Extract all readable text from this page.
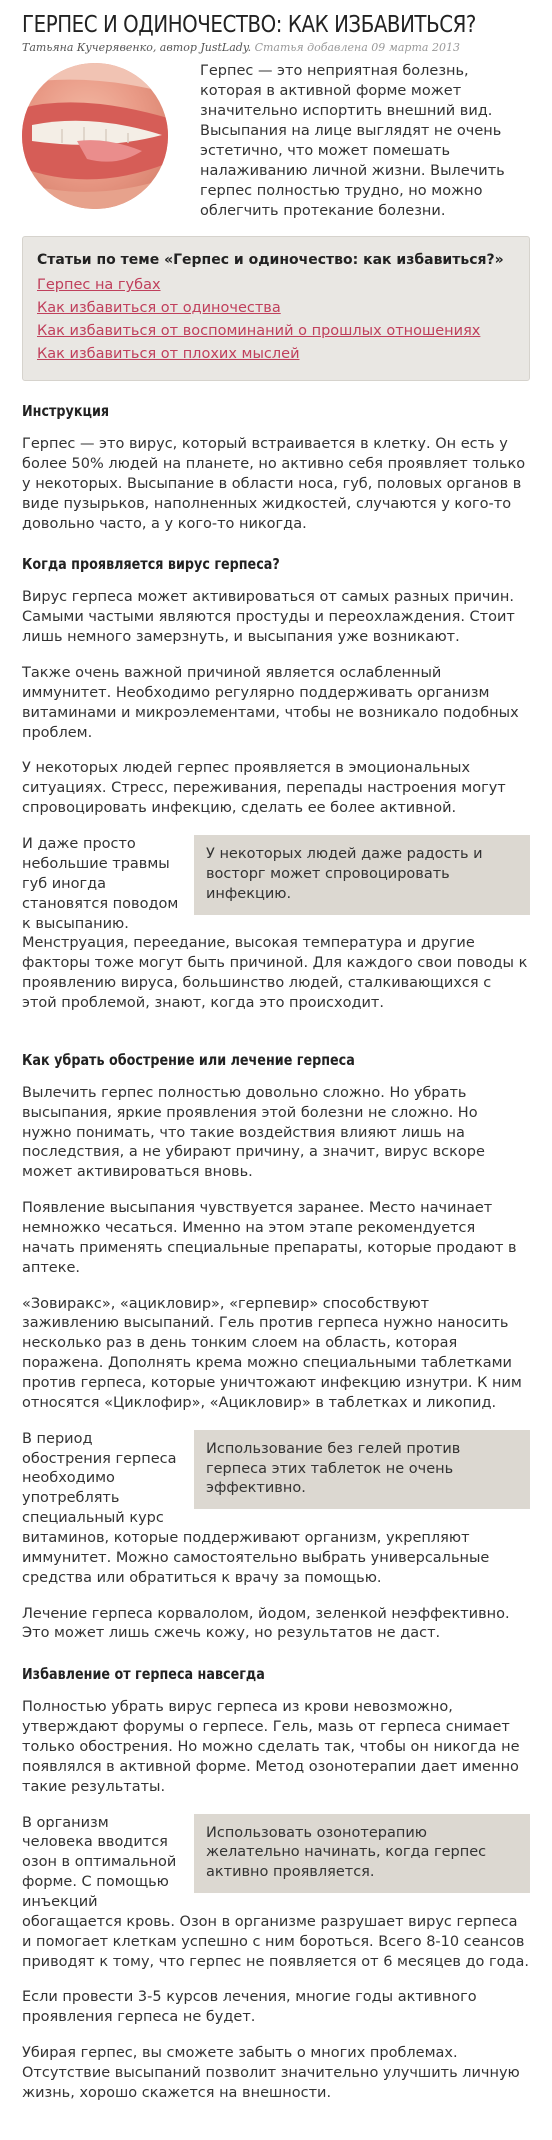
ГЕРПЕС И ОДИНОЧЕСТВО: КАК ИЗБАВИТЬСЯ?
Татьяна Кучерявенко, автор JustLady. Статья добавлена 09 марта 2013
Герпес — это неприятная болезнь, которая в активной форме может значительно испортить внешний вид. Высыпания на лице выглядят не очень эстетично, что может помешать налаживанию личной жизни. Вылечить герпес полностью трудно, но можно облегчить протекание болезни.
Статьи по теме «Герпес и одиночество: как избавиться?»
Герпес на губах
Как избавиться от одиночества
Как избавиться от воспоминаний о прошлых отношениях
Как избавиться от плохих мыслей
Инструкция

Герпес — это вирус, который встраивается в клетку. Он есть у более 50% людей на планете, но активно себя проявляет только у некоторых. Высыпание в области носа, губ, половых органов в виде пузырьков, наполненных жидкостей, случаются у кого-то довольно часто, а у кого-то никогда.

Когда проявляется вирус герпеса?

Вирус герпеса может активироваться от самых разных причин. Самыми частыми являются простуды и переохлаждения. Стоит лишь немного замерзнуть, и высыпания уже возникают.

Также очень важной причиной является ослабленный иммунитет. Необходимо регулярно поддерживать организм витаминами и микроэлементами, чтобы не возникало подобных проблем.

У некоторых людей герпес проявляется в эмоциональных ситуациях. Стресс, переживания, перепады настроения могут спровоцировать инфекцию, сделать ее более активной.

У некоторых людей даже радость и восторг может спровоцировать инфекцию.

И даже просто небольшие травмы губ иногда становятся поводом к высыпанию. Менструация, переедание, высокая температура и другие факторы тоже могут быть причиной. Для каждого свои поводы к проявлению вируса, большинство людей, сталкивающихся с этой проблемой, знают, когда это происходит.

Как убрать обострение или лечение герпеса

Вылечить герпес полностью довольно сложно. Но убрать высыпания, яркие проявления этой болезни не сложно. Но нужно понимать, что такие воздействия влияют лишь на последствия, а не убирают причину, а значит, вирус вскоре может активироваться вновь.

Появление высыпания чувствуется заранее. Место начинает немножко чесаться. Именно на этом этапе рекомендуется начать применять специальные препараты, которые продают в аптеке.

«Зовиракс», «ацикловир», «герпевир» способствуют заживлению высыпаний. Гель против герпеса нужно наносить несколько раз в день тонким слоем на область, которая поражена. Дополнять крема можно специальными таблетками против герпеса, которые уничтожают инфекцию изнутри. К ним относятся «Циклофир», «Ацикловир» в таблетках и ликопид.

Использование без гелей против герпеса этих таблеток не очень эффективно.

В период обострения герпеса необходимо употреблять специальный курс витаминов, которые поддерживают организм, укрепляют иммунитет. Можно самостоятельно выбрать универсальные средства или обратиться к врачу за помощью.

Лечение герпеса корвалолом, йодом, зеленкой неэффективно. Это может лишь сжечь кожу, но результатов не даст.

Избавление от герпеса навсегда

Полностью убрать вирус герпеса из крови невозможно, утверждают форумы о герпесе. Гель, мазь от герпеса снимает только обострения. Но можно сделать так, чтобы он никогда не появлялся в активной форме. Метод озонотерапии дает именно такие результаты.

Использовать озонотерапию желательно начинать, когда герпес активно проявляется.

В организм человека вводится озон в оптимальной форме. С помощью инъекций обогащается кровь. Озон в организме разрушает вирус герпеса и помогает клеткам успешно с ним бороться. Всего 8-10 сеансов приводят к тому, что герпес не появляется от 6 месяцев до года.

Если провести 3-5 курсов лечения, многие годы активного проявления герпеса не будет.

Убирая герпес, вы сможете забыть о многих проблемах. Отсутствие высыпаний позволит значительно улучшить личную жизнь, хорошо скажется на внешности.
